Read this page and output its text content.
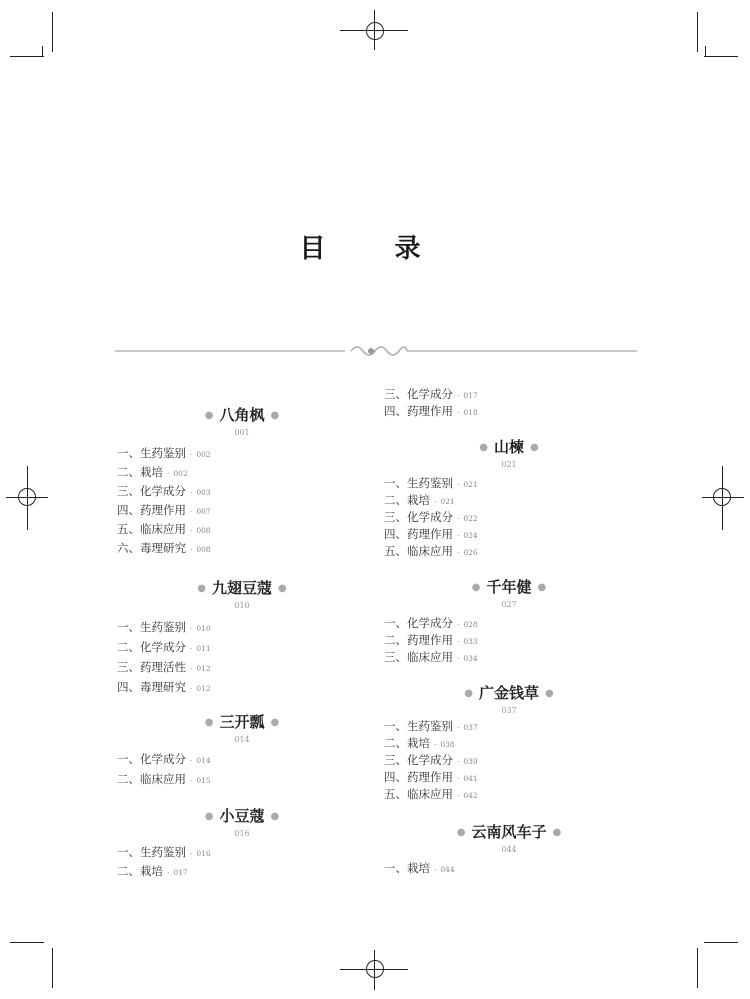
目 录
● 八角枫 ●
001
一、生药鉴别 · 002
二、栽培 · 002
三、化学成分 · 003
四、药理作用 · 007
五、临床应用 · 008
六、毒理研究 · 008
● 九翅豆蔻 ●
010
一、生药鉴别 · 010
二、化学成分 · 011
三、药理活性 · 012
四、毒理研究 · 012
● 三开瓢 ●
014
一、化学成分 · 014
二、临床应用 · 015
● 小豆蔻 ●
016
一、生药鉴别 · 016
二、栽培 · 017
三、化学成分 · 017
四、药理作用 · 018
● 山楝 ●
021
一、生药鉴别 · 021
二、栽培 · 021
三、化学成分 · 022
四、药理作用 · 024
五、临床应用 · 026
● 千年健 ●
027
一、化学成分 · 028
二、药理作用 · 033
三、临床应用 · 034
● 广金钱草 ●
037
一、生药鉴别 · 037
二、栽培 · 038
三、化学成分 · 039
四、药理作用 · 041
五、临床应用 · 042
● 云南风车子 ●
044
一、栽培 · 044
